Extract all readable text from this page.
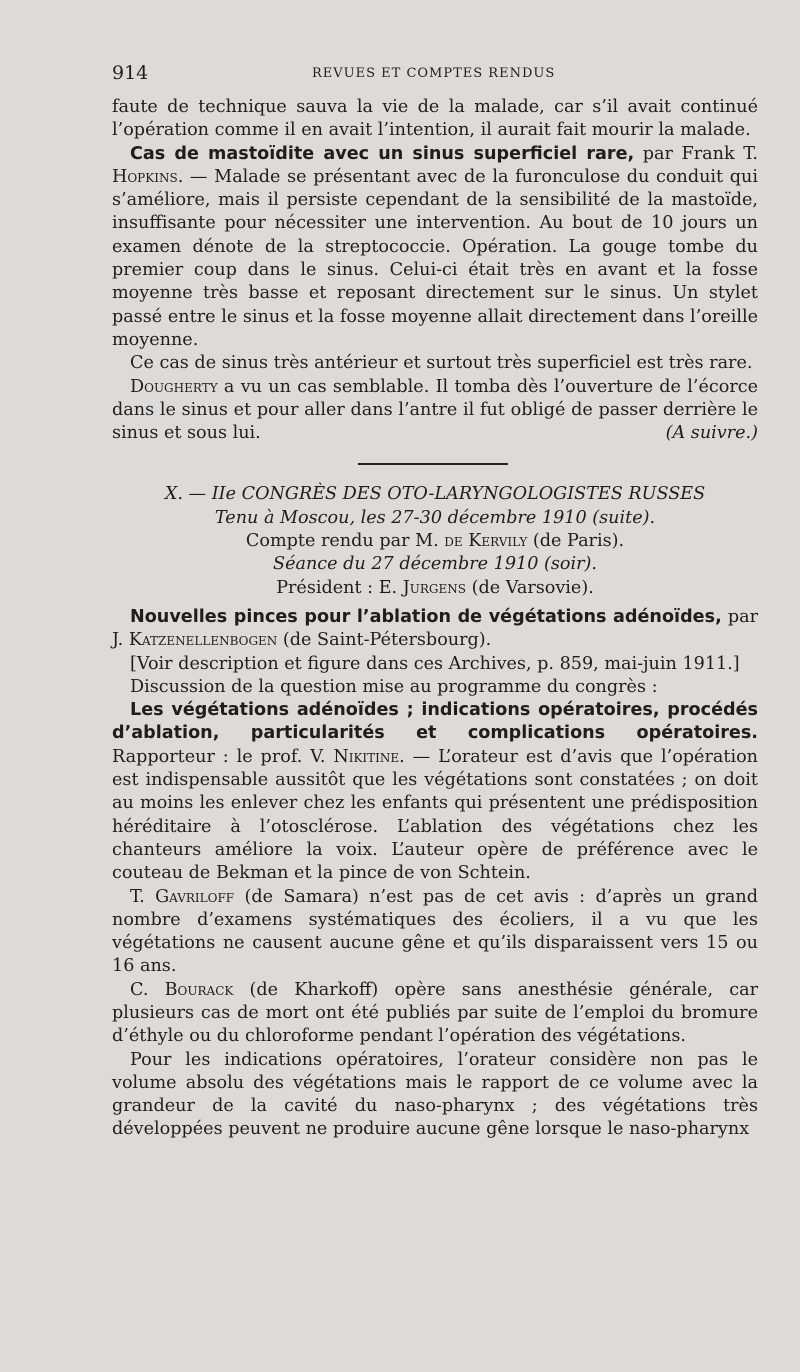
914	REVUES ET COMPTES RENDUS

faute de technique sauva la vie de la malade, car s’il avait continué l’opération comme il en avait l’intention, il aurait fait mourir la malade.

Cas de mastoïdite avec un sinus superficiel rare, par Frank T. Hopkins. — Malade se présentant avec de la furonculose du conduit qui s’améliore, mais il persiste cependant de la sensibilité de la mastoïde, insuffisante pour nécessiter une intervention. Au bout de 10 jours un examen dénote de la streptococcie. Opération. La gouge tombe du premier coup dans le sinus. Celui-ci était très en avant et la fosse moyenne très basse et reposant directement sur le sinus. Un stylet passé entre le sinus et la fosse moyenne allait directement dans l’oreille moyenne.

Ce cas de sinus très antérieur et surtout très superficiel est très rare.

Dougherty a vu un cas semblable. Il tomba dès l’ouverture de l’écorce dans le sinus et pour aller dans l’antre il fut obligé de passer derrière le sinus et sous lui.	(A suivre.)

X. — IIe CONGRÈS DES OTO-LARYNGOLOGISTES RUSSES
Tenu à Moscou, les 27-30 décembre 1910 (suite).
Compte rendu par M. de Kervily (de Paris).
Séance du 27 décembre 1910 (soir).
Président : E. Jurgens (de Varsovie).

Nouvelles pinces pour l’ablation de végétations adénoïdes, par J. Katzenellenbogen (de Saint-Pétersbourg).

[Voir description et figure dans ces Archives, p. 859, mai-juin 1911.]

Discussion de la question mise au programme du congrès :

Les végétations adénoïdes ; indications opératoires, procédés d’ablation, particularités et complications opératoires. Rapporteur : le prof. V. Nikitine. — L’orateur est d’avis que l’opération est indispensable aussitôt que les végétations sont constatées ; on doit au moins les enlever chez les enfants qui présentent une prédisposition héréditaire à l’otosclérose. L’ablation des végétations chez les chanteurs améliore la voix. L’auteur opère de préférence avec le couteau de Bekman et la pince de von Schtein.

T. Gavriloff (de Samara) n’est pas de cet avis : d’après un grand nombre d’examens systématiques des écoliers, il a vu que les végétations ne causent aucune gêne et qu’ils disparaissent vers 15 ou 16 ans.

C. Bourack (de Kharkoff) opère sans anesthésie générale, car plusieurs cas de mort ont été publiés par suite de l’emploi du bromure d’éthyle ou du chloroforme pendant l’opération des végétations.

Pour les indications opératoires, l’orateur considère non pas le volume absolu des végétations mais le rapport de ce volume avec la grandeur de la cavité du naso-pharynx ; des végétations très développées peuvent ne produire aucune gêne lorsque le naso-pharynx
